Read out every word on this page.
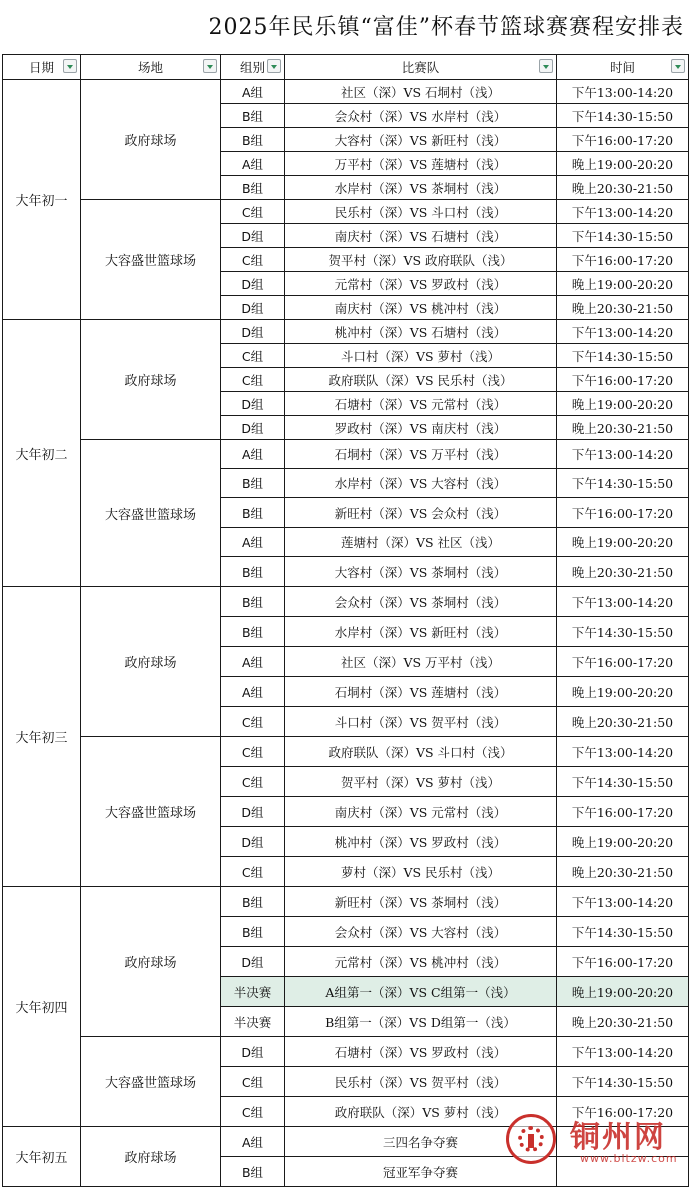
2025年民乐镇“富佳”杯春节篮球赛赛程安排表
日期	场地	组别	比赛队	时间

大年初一	政府球场	A组	社区（深）VS 石垌村（浅）	下午13:00-14:20
		B组	会众村（深）VS 水岸村（浅）	下午14:30-15:50
		B组	大容村（深）VS 新旺村（浅）	下午16:00-17:20
		A组	万平村（深）VS 莲塘村（浅）	晚上19:00-20:20
		B组	水岸村（深）VS 茶垌村（浅）	晚上20:30-21:50
	大容盛世篮球场	C组	民乐村（深）VS 斗口村（浅）	下午13:00-14:20
		D组	南庆村（深）VS 石塘村（浅）	下午14:30-15:50
		C组	贺平村（深）VS 政府联队（浅）	下午16:00-17:20
		D组	元常村（深）VS 罗政村（浅）	晚上19:00-20:20
		D组	南庆村（深）VS 桃冲村（浅）	晚上20:30-21:50
大年初二	政府球场	D组	桃冲村（深）VS 石塘村（浅）	下午13:00-14:20
		C组	斗口村（深）VS 萝村（浅）	下午14:30-15:50
		C组	政府联队（深）VS 民乐村（浅）	下午16:00-17:20
		D组	石塘村（深）VS 元常村（浅）	晚上19:00-20:20
		D组	罗政村（深）VS 南庆村（浅）	晚上20:30-21:50
	大容盛世篮球场	A组	石垌村（深）VS 万平村（浅）	下午13:00-14:20
		B组	水岸村（深）VS 大容村（浅）	下午14:30-15:50
		B组	新旺村（深）VS 会众村（浅）	下午16:00-17:20
		A组	莲塘村（深）VS 社区（浅）	晚上19:00-20:20
		B组	大容村（深）VS 茶垌村（浅）	晚上20:30-21:50
大年初三	政府球场	B组	会众村（深）VS 茶垌村（浅）	下午13:00-14:20
		B组	水岸村（深）VS 新旺村（浅）	下午14:30-15:50
		A组	社区（深）VS 万平村（浅）	下午16:00-17:20
		A组	石垌村（深）VS 莲塘村（浅）	晚上19:00-20:20
		C组	斗口村（深）VS 贺平村（浅）	晚上20:30-21:50
	大容盛世篮球场	C组	政府联队（深）VS 斗口村（浅）	下午13:00-14:20
		C组	贺平村（深）VS 萝村（浅）	下午14:30-15:50
		D组	南庆村（深）VS 元常村（浅）	下午16:00-17:20
		D组	桃冲村（深）VS 罗政村（浅）	晚上19:00-20:20
		C组	萝村（深）VS 民乐村（浅）	晚上20:30-21:50
大年初四	政府球场	B组	新旺村（深）VS 茶垌村（浅）	下午13:00-14:20
		B组	会众村（深）VS 大容村（浅）	下午14:30-15:50
		D组	元常村（深）VS 桃冲村（浅）	下午16:00-17:20
		半决赛	A组第一（深）VS C组第一（浅）	晚上19:00-20:20
		半决赛	B组第一（深）VS D组第一（浅）	晚上20:30-21:50
	大容盛世篮球场	D组	石塘村（深）VS 罗政村（浅）	下午13:00-14:20
		C组	民乐村（深）VS 贺平村（浅）	下午14:30-15:50
		C组	政府联队（深）VS 萝村（浅）	下午16:00-17:20
大年初五	政府球场	A组	三四名争夺赛	
		B组	冠亚军争夺赛	
铜州网
www.bltzw.com
